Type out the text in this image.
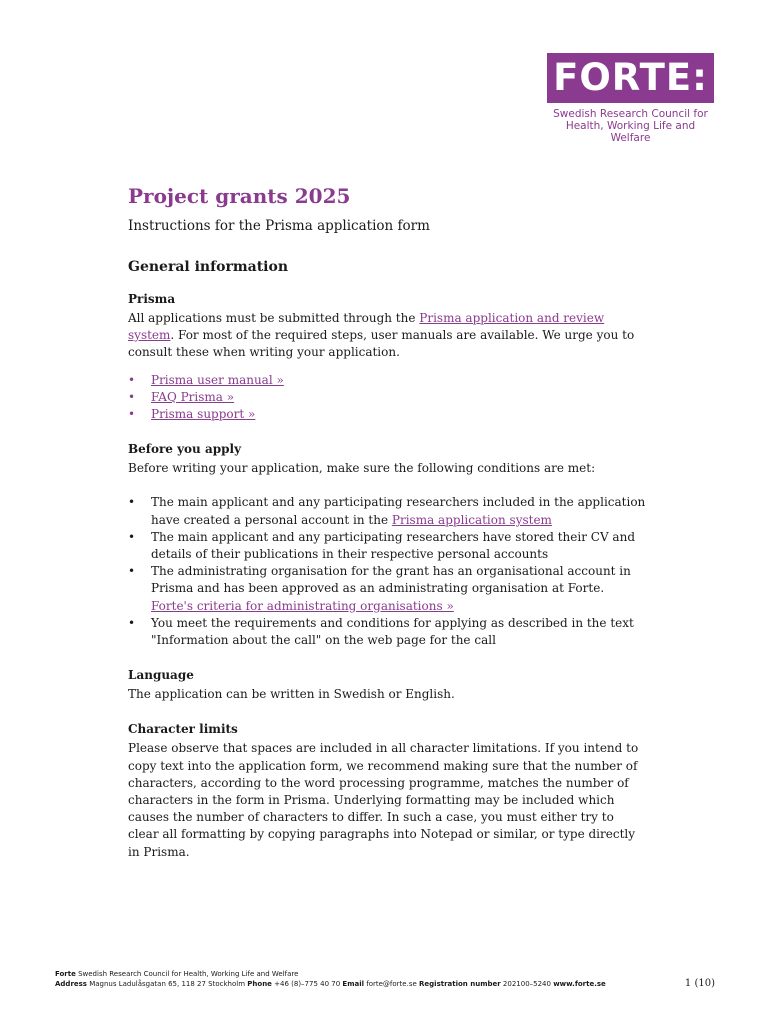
FORTE:
Swedish Research Council for
Health, Working Life and Welfare
Project grants 2025
Instructions for the Prisma application form
General information
Prisma

All applications must be submitted through the Prisma application and review system. For most of the required steps, user manuals are available. We urge you to consult these when writing your application.

• Prisma user manual »
• FAQ Prisma »
• Prisma support »
Before you apply

Before writing your application, make sure the following conditions are met:

• The main applicant and any participating researchers included in the application have created a personal account in the Prisma application system
• The main applicant and any participating researchers have stored their CV and details of their publications in their respective personal accounts
• The administrating organisation for the grant has an organisational account in Prisma and has been approved as an administrating organisation at Forte. Forte's criteria for administrating organisations »
• You meet the requirements and conditions for applying as described in the text "Information about the call" on the web page for the call
Language

The application can be written in Swedish or English.

Character limits

Please observe that spaces are included in all character limitations. If you intend to copy text into the application form, we recommend making sure that the number of characters, according to the word processing programme, matches the number of characters in the form in Prisma. Underlying formatting may be included which causes the number of characters to differ. In such a case, you must either try to clear all formatting by copying paragraphs into Notepad or similar, or type directly in Prisma.

Forte Swedish Research Council for Health, Working Life and Welfare
Address Magnus Ladulåsgatan 65, 118 27 Stockholm Phone +46 (8)–775 40 70 Email forte@forte.se Registration number 202100–5240 www.forte.se	1 (10)
